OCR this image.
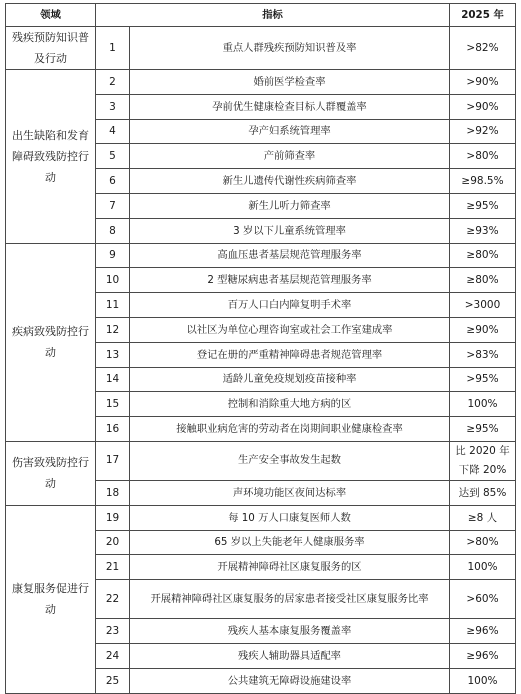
领域	指标		2025 年
残疾预防知识普及行动	1	重点人群残疾预防知识普及率	>82%
出生缺陷和发育障碍致残防控行动	2	婚前医学检查率	>90%
	3	孕前优生健康检查目标人群覆盖率	>90%
	4	孕产妇系统管理率	>92%
	5	产前筛查率	>80%
	6	新生儿遗传代谢性疾病筛查率	≥98.5%
	7	新生儿听力筛查率	≥95%
	8	3 岁以下儿童系统管理率	≥93%
疾病致残防控行动	9	高血压患者基层规范管理服务率	≥80%
	10	2 型糖尿病患者基层规范管理服务率	≥80%
	11	百万人口白内障复明手术率	>3000
	12	以社区为单位心理咨询室或社会工作室建成率	≥90%
	13	登记在册的严重精神障碍患者规范管理率	>83%
	14	适龄儿童免疫规划疫苗接种率	>95%
	15	控制和消除重大地方病的区	100%
	16	接触职业病危害的劳动者在岗期间职业健康检查率	≥95%
伤害致残防控行动	17	生产安全事故发生起数	比 2020 年下降 20%
	18	声环境功能区夜间达标率	达到 85%
康复服务促进行动	19	每 10 万人口康复医师人数	≥8 人
	20	65 岁以上失能老年人健康服务率	>80%
	21	开展精神障碍社区康复服务的区	100%
	22	开展精神障碍社区康复服务的居家患者接受社区康复服务比率	>60%
	23	残疾人基本康复服务覆盖率	≥96%
	24	残疾人辅助器具适配率	≥96%
	25	公共建筑无障碍设施建设率	100%
